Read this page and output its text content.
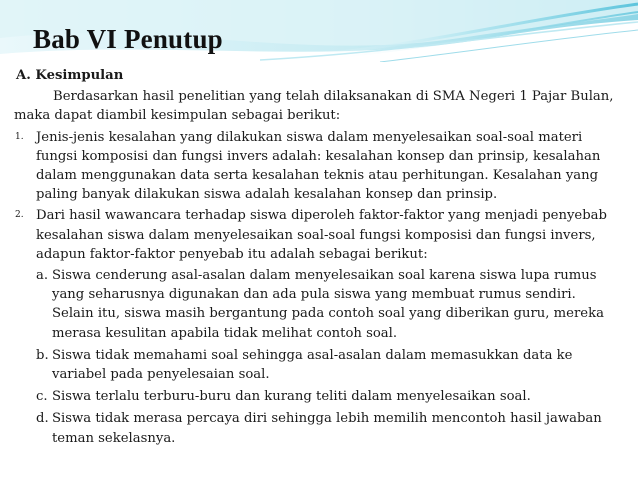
Bab VI Penutup
A. Kesimpulan

Berdasarkan hasil penelitian yang telah dilaksanakan di SMA Negeri 1 Pajar Bulan, maka dapat diambil kesimpulan sebagai berikut:

1. Jenis-jenis kesalahan yang dilakukan siswa dalam menyelesaikan soal-soal materi fungsi komposisi dan fungsi invers adalah: kesalahan konsep dan prinsip, kesalahan dalam menggunakan data serta kesalahan teknis atau perhitungan. Kesalahan yang paling banyak dilakukan siswa adalah kesalahan konsep dan prinsip.
2. Dari hasil wawancara terhadap siswa diperoleh faktor-faktor yang menjadi penyebab kesalahan siswa dalam menyelesaikan soal-soal fungsi komposisi dan fungsi invers, adapun faktor-faktor penyebab itu adalah sebagai berikut:
a. Siswa cenderung asal-asalan dalam menyelesaikan soal karena siswa lupa rumus yang seharusnya digunakan dan ada pula siswa yang membuat rumus sendiri. Selain itu, siswa masih bergantung pada contoh soal yang diberikan guru, mereka merasa kesulitan apabila tidak melihat contoh soal.
b. Siswa tidak memahami soal sehingga asal-asalan dalam memasukkan data ke variabel pada penyelesaian soal.
c. Siswa terlalu terburu-buru dan kurang teliti dalam menyelesaikan soal.
d. Siswa tidak merasa percaya diri sehingga lebih memilih mencontoh hasil jawaban teman sekelasnya.
